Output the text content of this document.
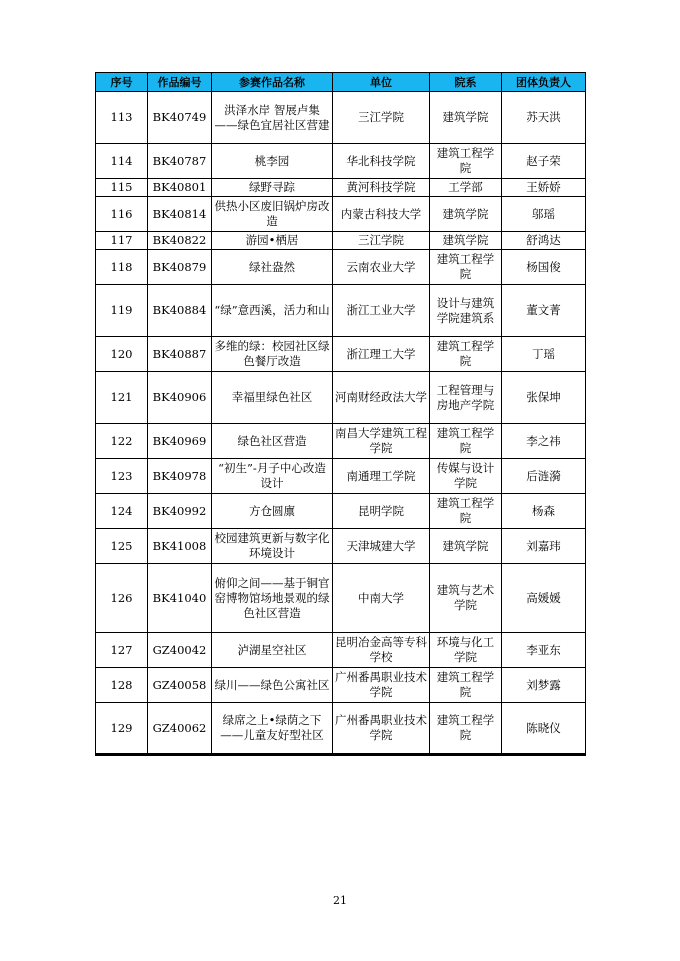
序号	作品编号	参赛作品名称	单位	院系	团体负责人
113	BK40749	洪泽水岸 智展卢集——绿色宜居社区营建	三江学院	建筑学院	苏天洪
114	BK40787	桃李园	华北科技学院	建筑工程学院	赵子荣
115	BK40801	绿野寻踪	黄河科技学院	工学部	王娇娇
116	BK40814	供热小区废旧锅炉房改造	内蒙古科技大学	建筑学院	邬瑶
117	BK40822	游园•栖居	三江学院	建筑学院	舒鸿达
118	BK40879	绿社盎然	云南农业大学	建筑工程学院	杨国俊
119	BK40884	“绿”意西溪，活力和山	浙江工业大学	设计与建筑学院建筑系	董文菁
120	BK40887	多维的绿：校园社区绿色餐厅改造	浙江理工大学	建筑工程学院	丁瑶
121	BK40906	幸福里绿色社区	河南财经政法大学	工程管理与房地产学院	张保坤
122	BK40969	绿色社区营造	南昌大学建筑工程学院	建筑工程学院	李之祎
123	BK40978	“初生”-月子中心改造设计	南通理工学院	传媒与设计学院	后涟漪
124	BK40992	方仓圆廪	昆明学院	建筑工程学院	杨森
125	BK41008	校园建筑更新与数字化环境设计	天津城建大学	建筑学院	刘嘉玮
126	BK41040	俯仰之间——基于铜官窑博物馆场地景观的绿色社区营造	中南大学	建筑与艺术学院	高媛媛
127	GZ40042	泸湖星空社区	昆明冶金高等专科学校	环境与化工学院	李亚东
128	GZ40058	绿川——绿色公寓社区	广州番禺职业技术学院	建筑工程学院	刘梦露
129	GZ40062	绿席之上•绿荫之下——儿童友好型社区	广州番禺职业技术学院	建筑工程学院	陈晓仪
21
